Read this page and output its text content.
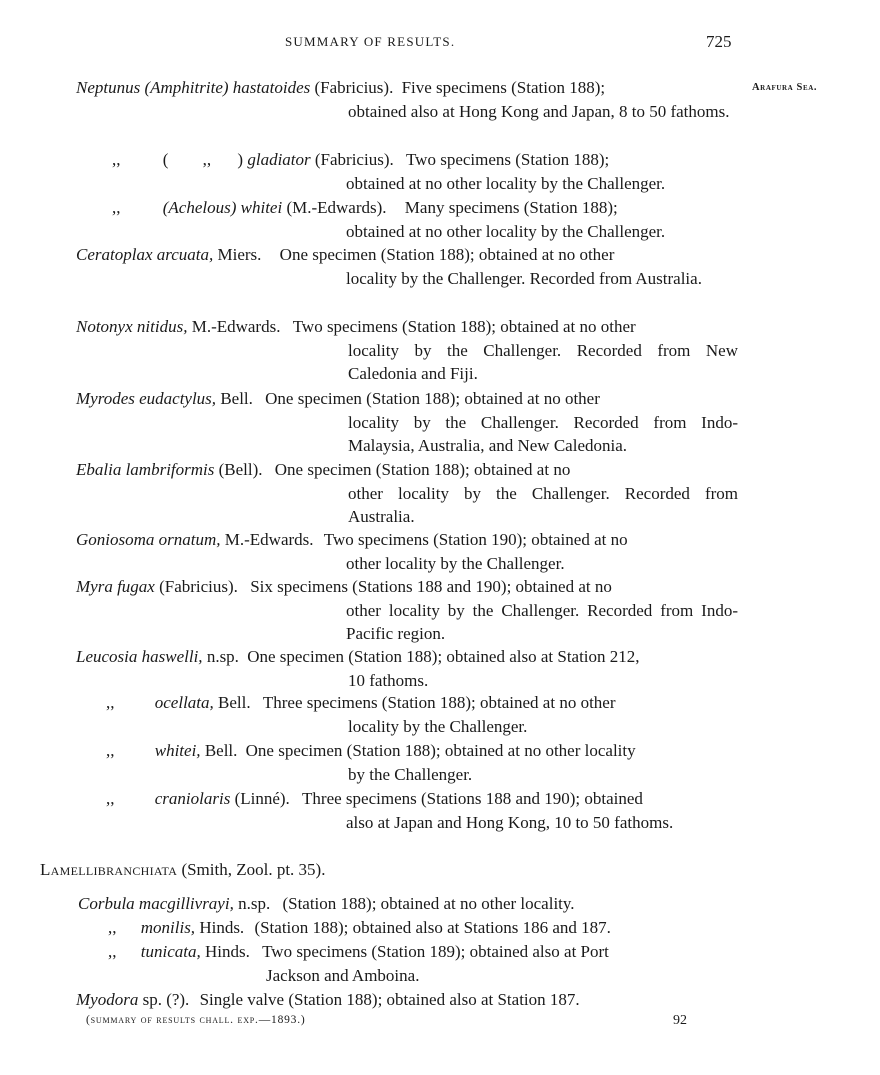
SUMMARY OF RESULTS.	725
Arafura Sea.
Neptunus (Amphitrite) hastatoides (Fabricius). Five specimens (Station 188);
obtained also at Hong Kong and Japan, 8 to 50 fathoms.
,, ( ,, ) gladiator (Fabricius). Two specimens (Station 188);
obtained at no other locality by the Challenger.
,, (Achelous) whitei (M.-Edwards). Many specimens (Station 188);
obtained at no other locality by the Challenger.
Ceratoplax arcuata, Miers. One specimen (Station 188); obtained at no other
locality by the Challenger. Recorded from Australia.
Notonyx nitidus, M.-Edwards. Two specimens (Station 188); obtained at no other
locality by the Challenger. Recorded from New Caledonia and Fiji.
Myrodes eudactylus, Bell. One specimen (Station 188); obtained at no other
locality by the Challenger. Recorded from Indo-Malaysia, Australia, and New Caledonia.
Ebalia lambriformis (Bell). One specimen (Station 188); obtained at no
other locality by the Challenger. Recorded from Australia.
Goniosoma ornatum, M.-Edwards. Two specimens (Station 190); obtained at no
other locality by the Challenger.
Myra fugax (Fabricius). Six specimens (Stations 188 and 190); obtained at no
other locality by the Challenger. Recorded from Indo-Pacific region.
Leucosia haswelli, n.sp. One specimen (Station 188); obtained also at Station 212,
10 fathoms.
,, ocellata, Bell. Three specimens (Station 188); obtained at no other
locality by the Challenger.
,, whitei, Bell. One specimen (Station 188); obtained at no other locality
by the Challenger.
,, craniolaris (Linné). Three specimens (Stations 188 and 190); obtained
also at Japan and Hong Kong, 10 to 50 fathoms.
Lamellibranchiata (Smith, Zool. pt. 35).
Corbula macgillivrayi, n.sp. (Station 188); obtained at no other locality.
,, monilis, Hinds. (Station 188); obtained also at Stations 186 and 187.
,, tunicata, Hinds. Two specimens (Station 189); obtained also at Port
Jackson and Amboina.
Myodora sp. (?). Single valve (Station 188); obtained also at Station 187.
(summary of results chall. exp.—1893.)	92
